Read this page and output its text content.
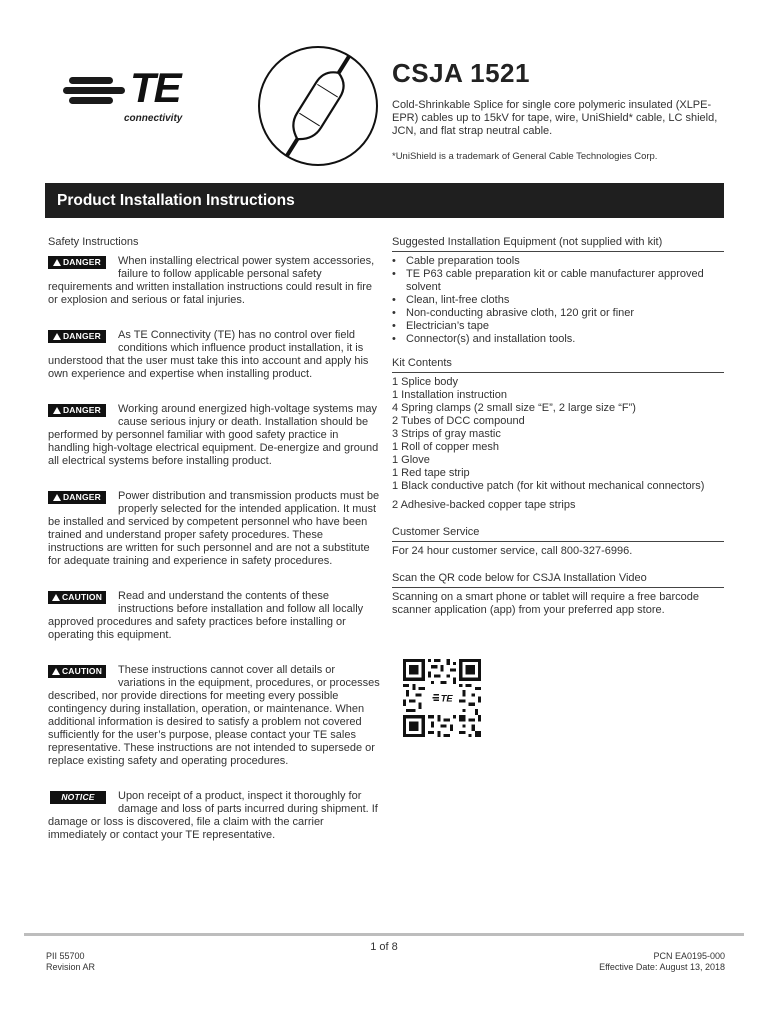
TE
connectivity
CSJA 1521
Cold-Shrinkable Splice for single core polymeric insulated (XLPE-EPR) cables up to 15kV for tape, wire, UniShield* cable, LC shield, JCN, and flat strap neutral cable.
*UniShield is a trademark of General Cable Technologies Corp.
Product Installation Instructions
Safety Instructions
DANGER When installing electrical power system accessories, failure to follow applicable personal safety requirements and written installation instructions could result in fire or explosion and serious or fatal injuries.
DANGER As TE Connectivity (TE) has no control over field conditions which influence product installation, it is understood that the user must take this into account and apply his own experience and expertise when installing product.
DANGER Working around energized high-voltage systems may cause serious injury or death. Installation should be performed by personnel familiar with good safety practice in handling high-voltage electrical equipment. De-energize and ground all electrical systems before installing product.
DANGER Power distribution and transmission products must be properly selected for the intended application. It must be installed and serviced by competent personnel who have been trained and understand proper safety procedures. These instructions are written for such personnel and are not a substitute for adequate training and experience in safety procedures.
CAUTION Read and understand the contents of these instructions before installation and follow all locally approved procedures and safety practices before installing or operating this equipment.
CAUTION These instructions cannot cover all details or variations in the equipment, procedures, or processes described, nor provide directions for meeting every possible contingency during installation, operation, or maintenance. When additional information is desired to satisfy a problem not covered sufficiently for the user’s purpose, please contact your TE sales representative. These instructions are not intended to supersede or replace existing safety and operating procedures.
NOTICE Upon receipt of a product, inspect it thoroughly for damage and loss of parts incurred during shipment. If damage or loss is discovered, file a claim with the carrier immediately or contact your TE representative.
Suggested Installation Equipment (not supplied with kit)
• Cable preparation tools
• TE P63 cable preparation kit or cable manufacturer approved solvent
• Clean, lint-free cloths
• Non-conducting abrasive cloth, 120 grit or finer
• Electrician’s tape
• Connector(s) and installation tools.
Kit Contents
1 Splice body
1 Installation instruction
4 Spring clamps (2 small size “E”, 2 large size “F”)
2 Tubes of DCC compound
3 Strips of gray mastic
1 Roll of copper mesh
1 Glove
1 Red tape strip
1 Black conductive patch (for kit without mechanical connectors)
2 Adhesive-backed copper tape strips
Customer Service
For 24 hour customer service, call 800-327-6996.
Scan the QR code below for CSJA Installation Video
Scanning on a smart phone or tablet will require a free barcode scanner application (app) from your preferred app store.
TE
1 of 8
PII 55700
Revision AR
PCN EA0195-000
Effective Date: August 13, 2018
